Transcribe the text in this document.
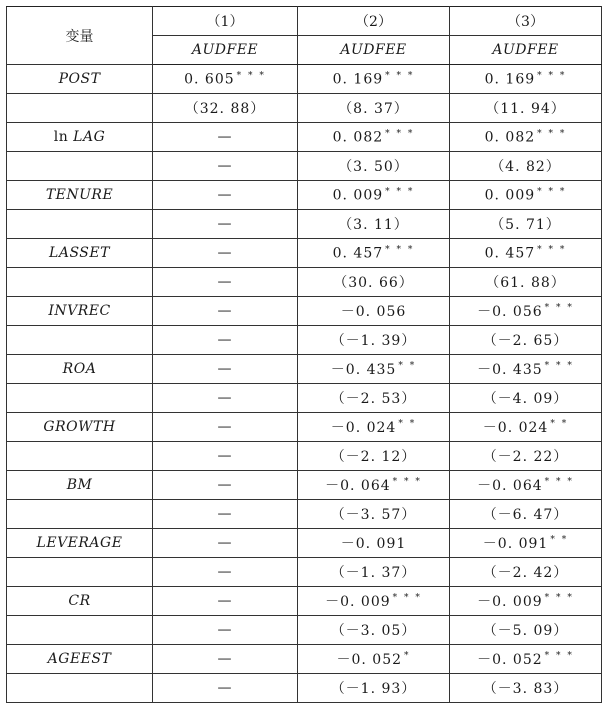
变量	（1）	（2）	（3）
	AUDFEE	AUDFEE	AUDFEE
POST	0. 605 * * *	0. 169 * * *	0. 169 * * *
	（32. 88）	（8. 37）	（11. 94）
ln LAG	—	0. 082 * * *	0. 082 * * *
	—	（3. 50）	（4. 82）
TENURE	—	0. 009 * * *	0. 009 * * *
	—	（3. 11）	（5. 71）
LASSET	—	0. 457 * * *	0. 457 * * *
	—	（30. 66）	（61. 88）
INVREC	—	－0. 056	－0. 056 * * *
	—	（－1. 39）	（－2. 65）
ROA	—	－0. 435 * *	－0. 435 * * *
	—	（－2. 53）	（－4. 09）
GROWTH	—	－0. 024 * *	－0. 024 * *
	—	（－2. 12）	（－2. 22）
BM	—	－0. 064 * * *	－0. 064 * * *
	—	（－3. 57）	（－6. 47）
LEVERAGE	—	－0. 091	－0. 091 * *
	—	（－1. 37）	（－2. 42）
CR	—	－0. 009 * * *	－0. 009 * * *
	—	（－3. 05）	（－5. 09）
AGEEST	—	－0. 052 *	－0. 052 * * *
	—	（－1. 93）	（－3. 83）
